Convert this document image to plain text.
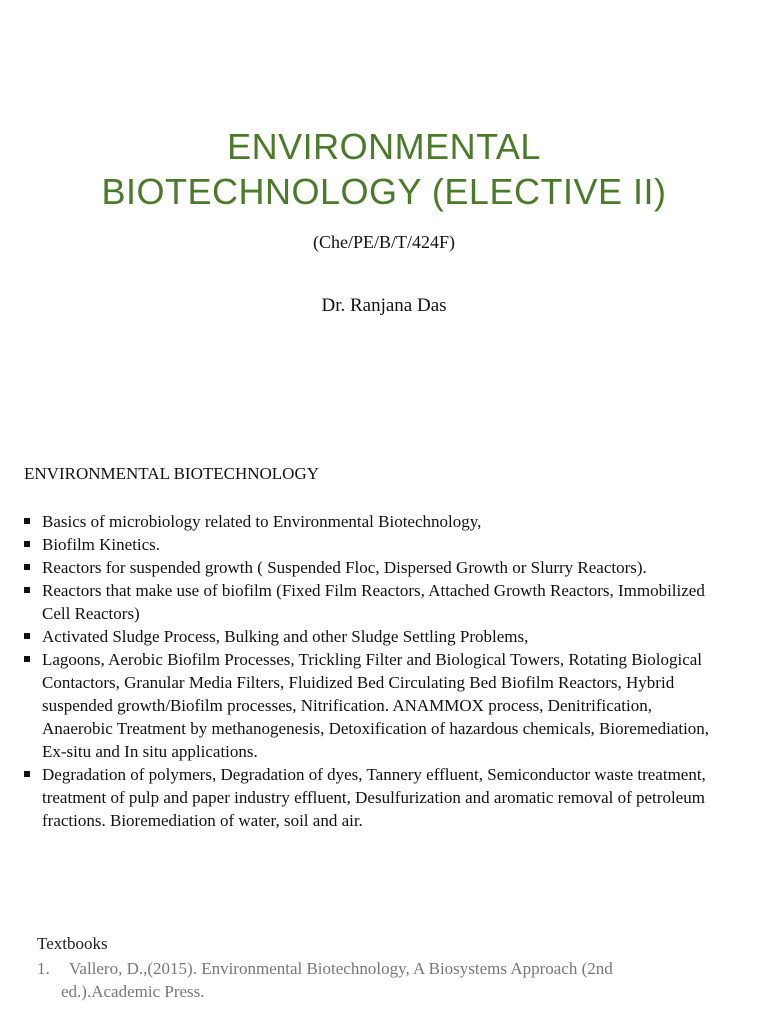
ENVIRONMENTAL
BIOTECHNOLOGY (ELECTIVE II)
(Che/PE/B/T/424F)
Dr. Ranjana Das
ENVIRONMENTAL BIOTECHNOLOGY
Basics of microbiology related to Environmental Biotechnology,
Biofilm Kinetics.
Reactors for suspended growth ( Suspended Floc, Dispersed Growth or Slurry Reactors).
Reactors that make use of biofilm (Fixed Film Reactors, Attached Growth Reactors, Immobilized Cell Reactors)
Activated Sludge Process, Bulking and other Sludge Settling Problems,
Lagoons, Aerobic Biofilm Processes, Trickling Filter and Biological Towers, Rotating Biological Contactors, Granular Media Filters, Fluidized Bed Circulating Bed Biofilm Reactors, Hybrid suspended growth/Biofilm processes, Nitrification. ANAMMOX process, Denitrification, Anaerobic Treatment by methanogenesis, Detoxification of hazardous chemicals, Bioremediation, Ex-situ and In situ applications.
Degradation of polymers, Degradation of dyes, Tannery effluent, Semiconductor waste treatment, treatment of pulp and paper industry effluent, Desulfurization and aromatic removal of petroleum fractions. Bioremediation of water, soil and air.
Textbooks
1. Vallero, D.,(2015). Environmental Biotechnology, A Biosystems Approach (2nd ed.).Academic Press.
